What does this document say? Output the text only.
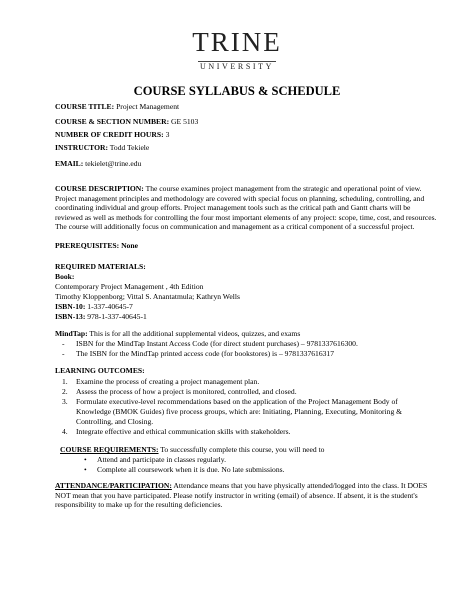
TRINE
UNIVERSITY
COURSE SYLLABUS & SCHEDULE
COURSE TITLE: Project Management
COURSE & SECTION NUMBER: GE 5103
NUMBER OF CREDIT HOURS: 3
INSTRUCTOR: Todd Tekiele
EMAIL: tekielet@trine.edu
COURSE DESCRIPTION: The course examines project management from the strategic and operational point of view.
Project management principles and methodology are covered with special focus on planning, scheduling, controlling, and
coordinating individual and group efforts. Project management tools such as the critical path and Gantt charts will be
reviewed as well as methods for controlling the four most important elements of any project: scope, time, cost, and resources.
The course will additionally focus on communication and management as a critical component of a successful project.
PREREQUISITES: None
REQUIRED MATERIALS:
Book:
Contemporary Project Management , 4th Edition
Timothy Kloppenborg; Vittal S. Anantatmula; Kathryn Wells
ISBN-10: 1-337-40645-7
ISBN-13: 978-1-337-40645-1
MindTap: This is for all the additional supplemental videos, quizzes, and exams
- ISBN for the MindTap Instant Access Code (for direct student purchases) – 9781337616300.
- The ISBN for the MindTap printed access code (for bookstores) is – 9781337616317
LEARNING OUTCOMES:
1. Examine the process of creating a project management plan.
2. Assess the process of how a project is monitored, controlled, and closed.
3. Formulate executive-level recommendations based on the application of the Project Management Body of
Knowledge (BMOK Guides) five process groups, which are: Initiating, Planning, Executing, Monitoring &
Controlling, and Closing.
4. Integrate effective and ethical communication skills with stakeholders.
COURSE REQUIREMENTS: To successfully complete this course, you will need to
• Attend and participate in classes regularly.
• Complete all coursework when it is due. No late submissions.
ATTENDANCE/PARTICIPATION: Attendance means that you have physically attended/logged into the class. It DOES
NOT mean that you have participated. Please notify instructor in writing (email) of absence. If absent, it is the student's
responsibility to make up for the resulting deficiencies.
